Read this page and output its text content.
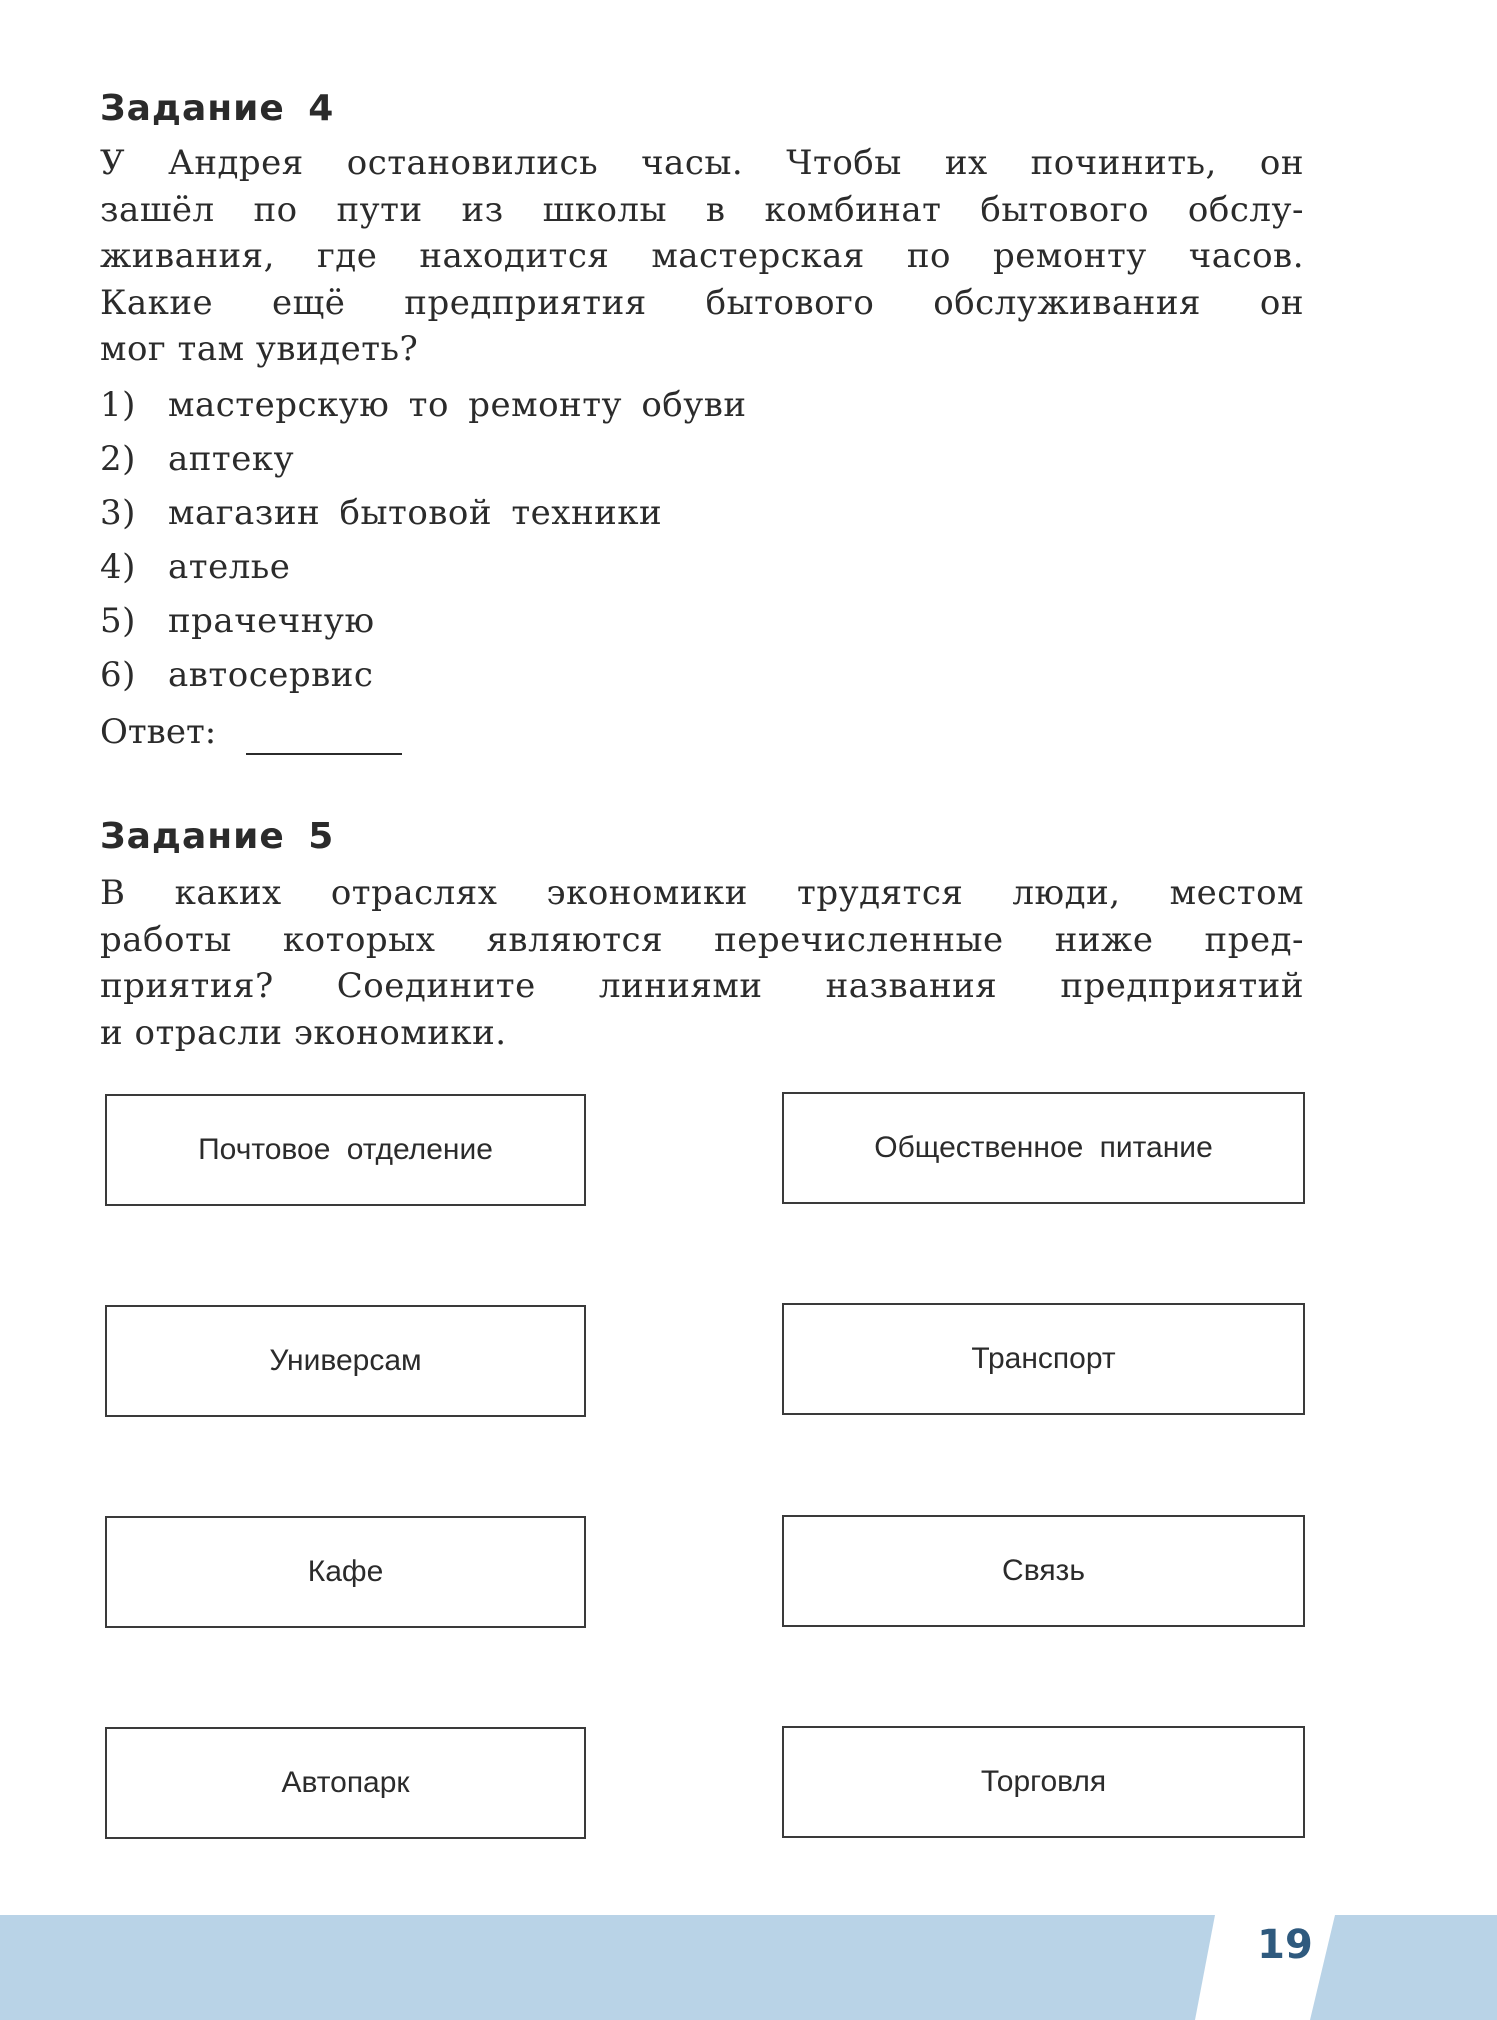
Задание 4
У Андрея остановились часы. Чтобы их починить, он
зашёл по пути из школы в комбинат бытового обслу-
живания, где находится мастерская по ремонту часов.
Какие ещё предприятия бытового обслуживания он
мог там увидеть?
1) мастерскую то ремонту обуви
2) аптеку
3) магазин бытовой техники
4) ателье
5) прачечную
6) автосервис
Ответ:
Задание 5
В каких отраслях экономики трудятся люди, местом
работы которых являются перечисленные ниже пред-
приятия? Соедините линиями названия предприятий
и отрасли экономики.
Почтовое отделение
Универсам
Кафе
Автопарк
Общественное питание
Транспорт
Связь
Торговля
19
